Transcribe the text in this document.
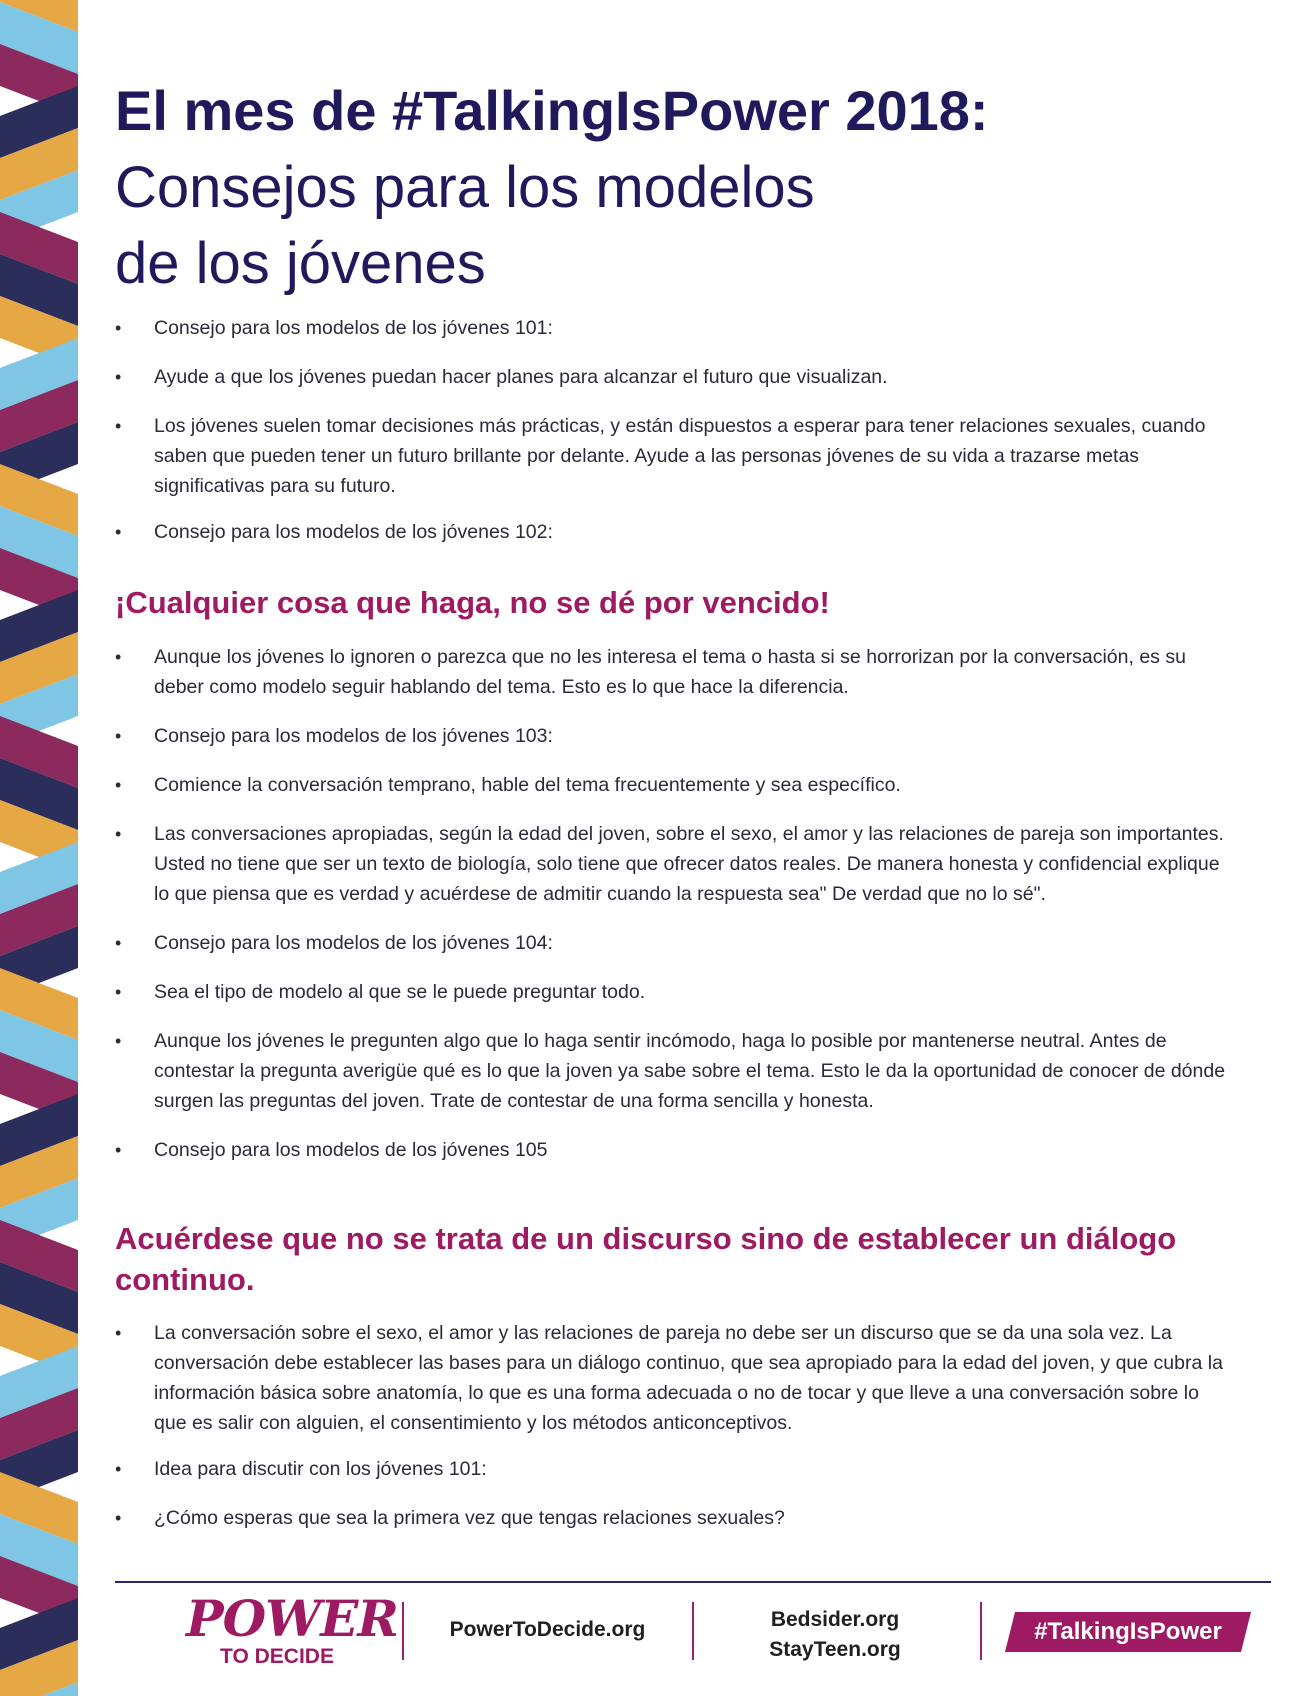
El mes de #TalkingIsPower 2018:
Consejos para los modelos
de los jóvenes
• Consejo para los modelos de los jóvenes 101:
• Ayude a que los jóvenes puedan hacer planes para alcanzar el futuro que visualizan.
• Los jóvenes suelen tomar decisiones más prácticas, y están dispuestos a esperar para tener relaciones sexuales, cuando saben que pueden tener un futuro brillante por delante. Ayude a las personas jóvenes de su vida a trazarse metas significativas para su futuro.
• Consejo para los modelos de los jóvenes 102:
¡Cualquier cosa que haga, no se dé por vencido!
• Aunque los jóvenes lo ignoren o parezca que no les interesa el tema o hasta si se horrorizan por la conversación, es su deber como modelo seguir hablando del tema. Esto es lo que hace la diferencia.
• Consejo para los modelos de los jóvenes 103:
• Comience la conversación temprano, hable del tema frecuentemente y sea específico.
• Las conversaciones apropiadas, según la edad del joven, sobre el sexo, el amor y las relaciones de pareja son importantes. Usted no tiene que ser un texto de biología, solo tiene que ofrecer datos reales. De manera honesta y confidencial explique lo que piensa que es verdad y acuérdese de admitir cuando la respuesta sea" De verdad que no lo sé".
• Consejo para los modelos de los jóvenes 104:
• Sea el tipo de modelo al que se le puede preguntar todo.
• Aunque los jóvenes le pregunten algo que lo haga sentir incómodo, haga lo posible por mantenerse neutral. Antes de contestar la pregunta averigüe qué es lo que la joven ya sabe sobre el tema. Esto le da la oportunidad de conocer de dónde surgen las preguntas del joven. Trate de contestar de una forma sencilla y honesta.
• Consejo para los modelos de los jóvenes 105
Acuérdese que no se trata de un discurso sino de establecer un diálogo continuo.
• La conversación sobre el sexo, el amor y las relaciones de pareja no debe ser un discurso que se da una sola vez. La conversación debe establecer las bases para un diálogo continuo, que sea apropiado para la edad del joven, y que cubra la información básica sobre anatomía, lo que es una forma adecuada o no de tocar y que lleve a una conversación sobre lo que es salir con alguien, el consentimiento y los métodos anticonceptivos.
• Idea para discutir con los jóvenes 101:
• ¿Cómo esperas que sea la primera vez que tengas relaciones sexuales?
POWER
TO DECIDE
PowerToDecide.org	Bedsider.org
StayTeen.org
#TalkingIsPower
